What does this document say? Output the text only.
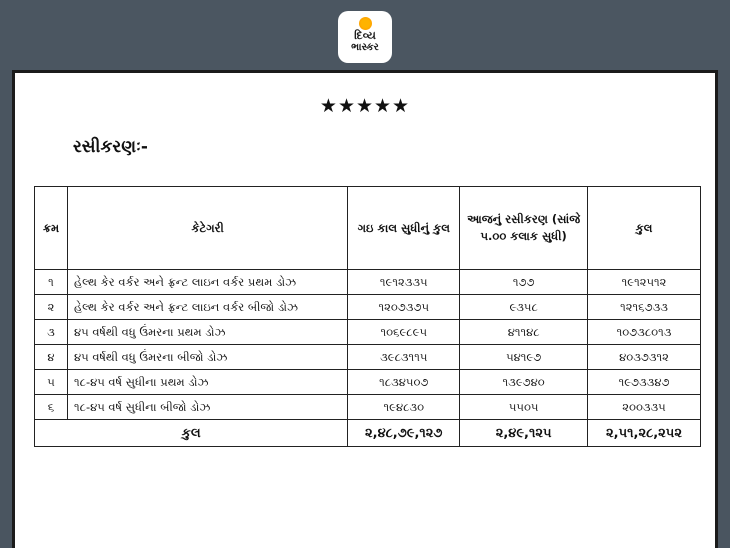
દિવ્ય
ભાસ્કર
★★★★★
રસીકરણઃ-
ક્રમ	કેટેગરી	ગઇ કાલ સુધીનું કુલ	આજનું રસીકરણ (સાંજે ૫.૦૦ કલાક સુધી)	કુલ
૧	હેલ્થ કેર વર્કર અને ફ્રન્ટ લાઇન વર્કર પ્રથમ ડોઝ	૧૯૧૨૩૩૫	૧૭૭	૧૯૧૨૫૧૨
૨	હેલ્થ કેર વર્કર અને ફ્રન્ટ લાઇન વર્કર બીજો ડોઝ	૧૨૦૭૩૭૫	૯૩૫૮	૧૨૧૬૭૩૩
૩	૪૫ વર્ષથી વધુ ઉંમરના પ્રથમ ડોઝ	૧૦૬૯૮૯૫	૪૧૧૪૮	૧૦૭૩૮૦૧૩
૪	૪૫ વર્ષથી વધુ ઉંમરના બીજો ડોઝ	૩૯૮૩૧૧૫	૫૪૧૯૭	૪૦૩૭૩૧૨
૫	૧૮-૪૫ વર્ષ સુધીના પ્રથમ ડોઝ	૧૮૩૪૫૦૭	૧૩૯૭૪૦	૧૯૭૩૩૪૭
૬	૧૮-૪૫ વર્ષ સુધીના બીજો ડોઝ	૧૯૪૮૩૦	૫૫૦૫	૨૦૦૩૩૫
કુલ		૨,૪૮,૭૯,૧૨૭	૨,૪૯,૧૨૫	૨,૫૧,૨૮,૨૫૨
